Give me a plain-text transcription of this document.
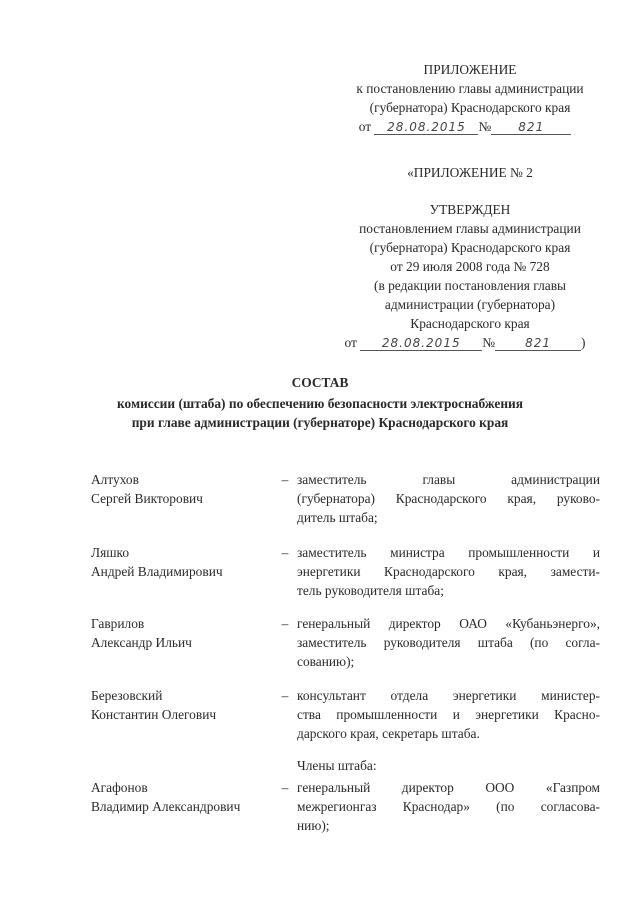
ПРИЛОЖЕНИЕ
к постановлению главы администрации
(губернатора) Краснодарского края
от 28.08.2015 № 821
«ПРИЛОЖЕНИЕ № 2
УТВЕРЖДЕН
постановлением главы администрации
(губернатора) Краснодарского края
от 29 июля 2008 года № 728
(в редакции постановления главы
администрации (губернатора)
Краснодарского края
от 28.08.2015 №	821 )
СОСТАВ
комиссии (штаба) по обеспечению безопасности электроснабжения
при главе администрации (губернаторе) Краснодарского края
Алтухов
Сергей Викторович
– заместитель главы администрации
(губернатора) Краснодарского края, руково-
дитель штаба;
Ляшко
Андрей Владимирович
– заместитель министра промышленности и
энергетики Краснодарского края, замести-
тель руководителя штаба;
Гаврилов
Александр Ильич
– генеральный директор ОАО «Кубаньэнерго»,
заместитель руководителя штаба (по согла-
сованию);
Березовский
Константин Олегович
– консультант отдела энергетики министер-
ства промышленности и энергетики Красно-
дарского края, секретарь штаба.
Члены штаба:
Агафонов
Владимир Александрович
– генеральный директор ООО «Газпром
межрегионгаз Краснодар» (по согласова-
нию);
